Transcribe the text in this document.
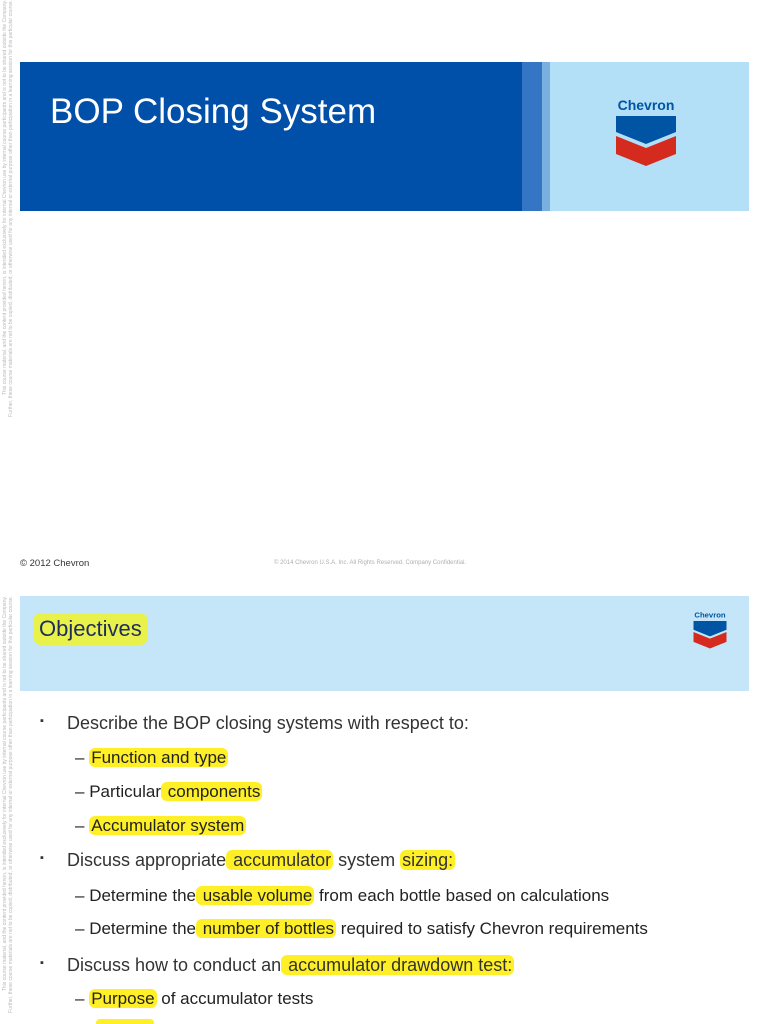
This course material, and the content provided herein, is intended exclusively for internal Chevron use by internal course participants and is not to be shared outside the Company. Further, these course materials are not to be copied, distributed, or otherwise used for any internal or external purpose other than participation in a learning session for this particular course. BOP Closing System	Chevron
© 2012 Chevron	© 2014 Chevron U.S.A. Inc. All Rights Reserved. Company Confidential.
This course material, and the content provided herein, is intended exclusively for internal Chevron use by internal course participants and is not to be shared outside the Company. Further, these course materials are not to be copied, distributed, or otherwise used for any internal or external purpose other than participation in a learning session for this particular course. Objectives
Chevron
▪ Describe the BOP closing systems with respect to:
– Function and type
– Particular components
– Accumulator system
▪ Discuss appropriate accumulator system sizing:
– Determine the usable volume from each bottle based on calculations
– Determine the number of bottles required to satisfy Chevron requirements
▪ Discuss how to conduct an accumulator drawdown test:
– Purpose of accumulator tests
